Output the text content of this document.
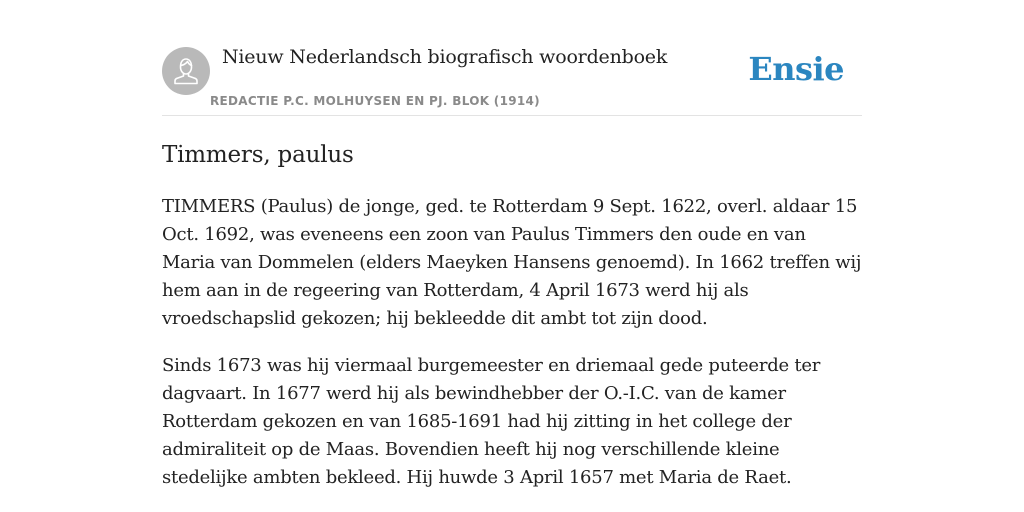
Nieuw Nederlandsch biografisch woordenboek
REDACTIE P.C. MOLHUYSEN EN PJ. BLOK (1914)
Ensie
Timmers, paulus

TIMMERS (Paulus) de jonge, ged. te Rotterdam 9 Sept. 1622, overl. aldaar 15 Oct. 1692, was eveneens een zoon van Paulus Timmers den oude en van Maria van Dommelen (elders Maeyken Hansens genoemd). In 1662 treffen wij hem aan in de regeering van Rotterdam, 4 April 1673 werd hij als vroedschapslid gekozen; hij bekleedde dit ambt tot zijn dood.

Sinds 1673 was hij viermaal burgemeester en driemaal gede puteerde ter dagvaart. In 1677 werd hij als bewindhebber der O.-I.C. van de kamer Rotterdam gekozen en van 1685-1691 had hij zitting in het college der admiraliteit op de Maas. Bovendien heeft hij nog verschillende kleine stedelijke ambten bekleed. Hij huwde 3 April 1657 met Maria de Raet.
